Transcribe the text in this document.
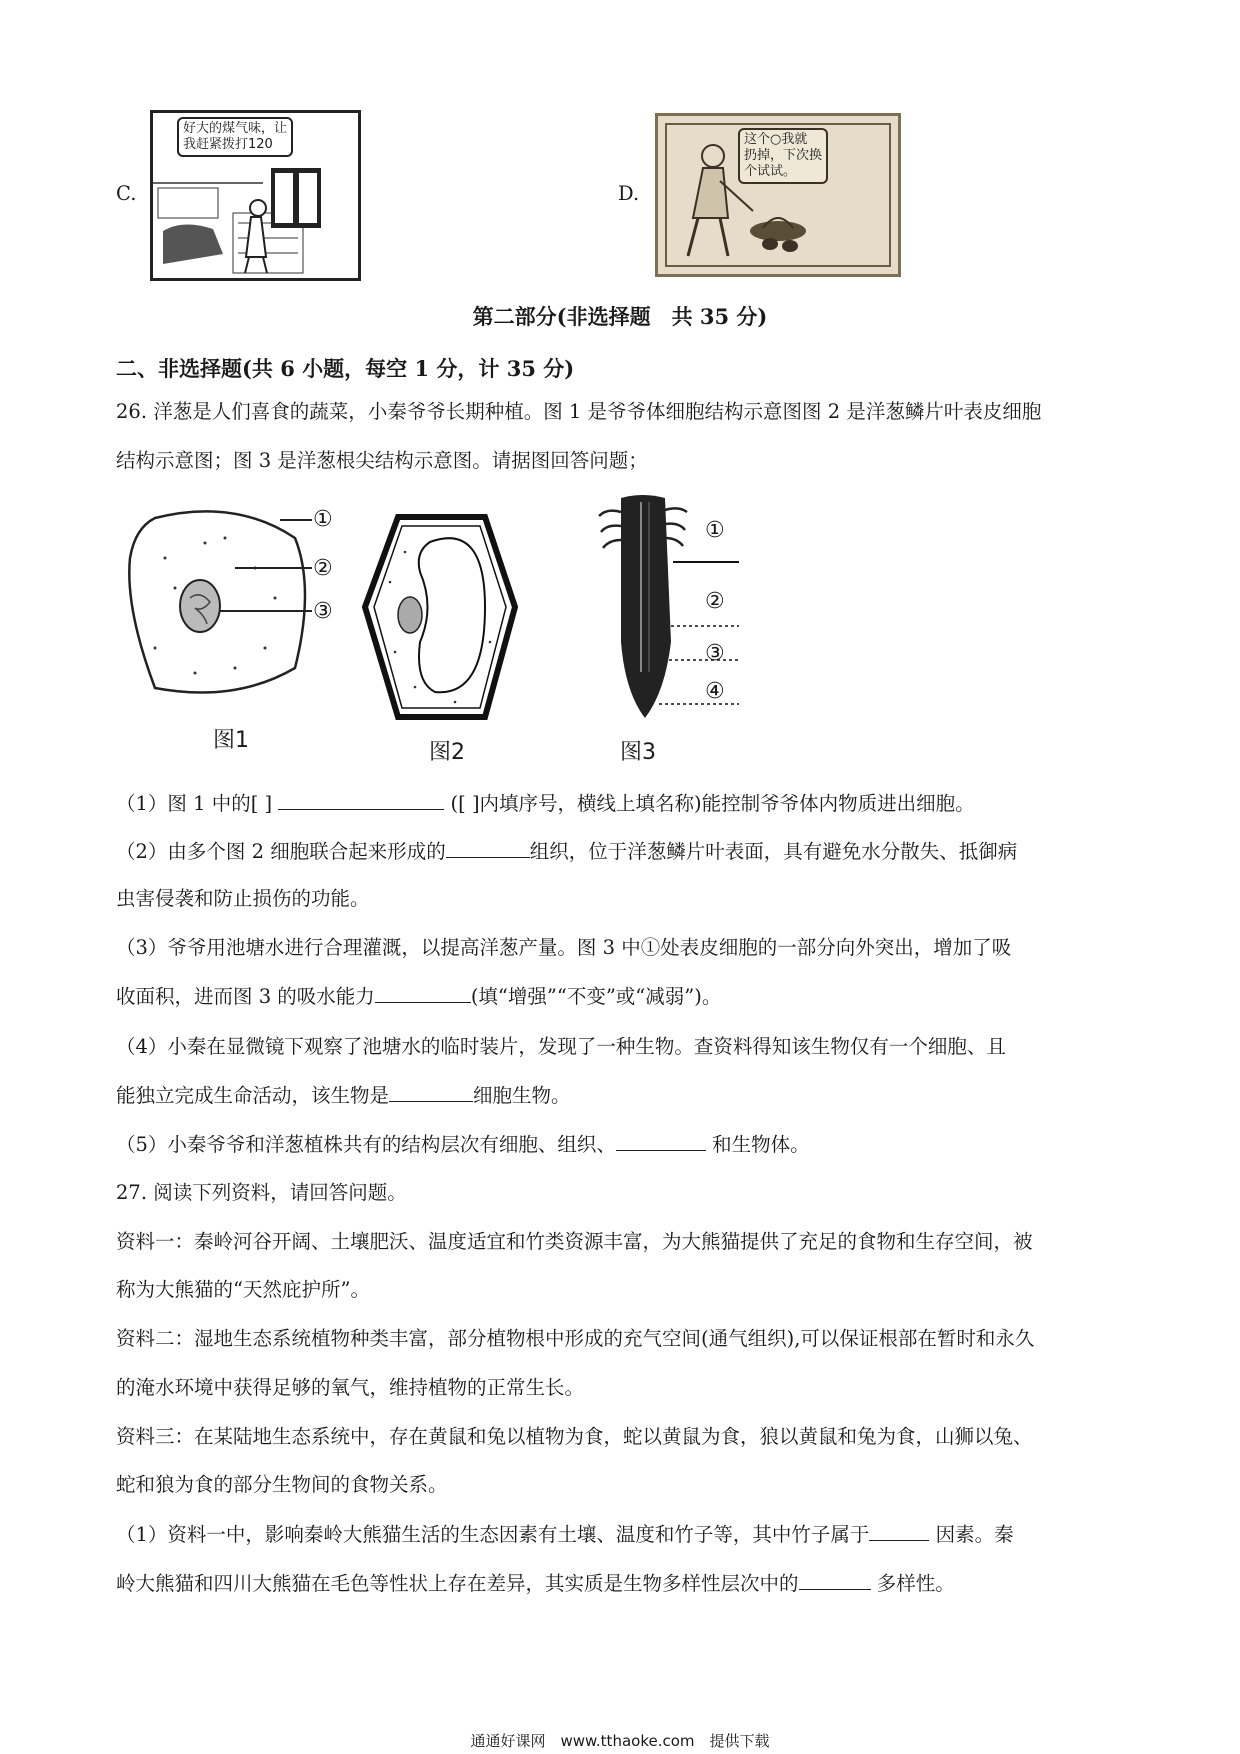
C.
好大的煤气味，让
我赶紧拨打120
D.
这个○我就
扔掉，下次换
个试试。
第二部分(非选择题　共 35 分)
二、非选择题(共 6 小题，每空 1 分，计 35 分)
26. 洋葱是人们喜食的蔬菜，小秦爷爷长期种植。图 1 是爷爷体细胞结构示意图图 2 是洋葱鳞片叶表皮细胞
结构示意图；图 3 是洋葱根尖结构示意图。请据图回答问题；
①
②
③
图1	图2
①
②
③
④
图3
（1）图 1 中的[ ]	([ ]内填序号，横线上填名称)能控制爷爷体内物质进出细胞。
（2）由多个图 2 细胞联合起来形成的	组织，位于洋葱鳞片叶表面，具有避免水分散失、抵御病
虫害侵袭和防止损伤的功能。
（3）爷爷用池塘水进行合理灌溉，以提高洋葱产量。图 3 中①处表皮细胞的一部分向外突出，增加了吸
收面积，进而图 3 的吸水能力	(填“增强”“不变”或“减弱”)。
（4）小秦在显微镜下观察了池塘水的临时装片，发现了一种生物。查资料得知该生物仅有一个细胞、且
能独立完成生命活动，该生物是	细胞生物。
（5）小秦爷爷和洋葱植株共有的结构层次有细胞、组织、	和生物体。
27. 阅读下列资料，请回答问题。
资料一：秦岭河谷开阔、土壤肥沃、温度适宜和竹类资源丰富，为大熊猫提供了充足的食物和生存空间，被
称为大熊猫的“天然庇护所”。
资料二：湿地生态系统植物种类丰富，部分植物根中形成的充气空间(通气组织),可以保证根部在暂时和永久
的淹水环境中获得足够的氧气，维持植物的正常生长。
资料三：在某陆地生态系统中，存在黄鼠和兔以植物为食，蛇以黄鼠为食，狼以黄鼠和兔为食，山狮以兔、
蛇和狼为食的部分生物间的食物关系。
（1）资料一中，影响秦岭大熊猫生活的生态因素有土壤、温度和竹子等，其中竹子属于	因素。秦
岭大熊猫和四川大熊猫在毛色等性状上存在差异，其实质是生物多样性层次中的	多样性。
通通好课网　www.tthaoke.com　提供下载
